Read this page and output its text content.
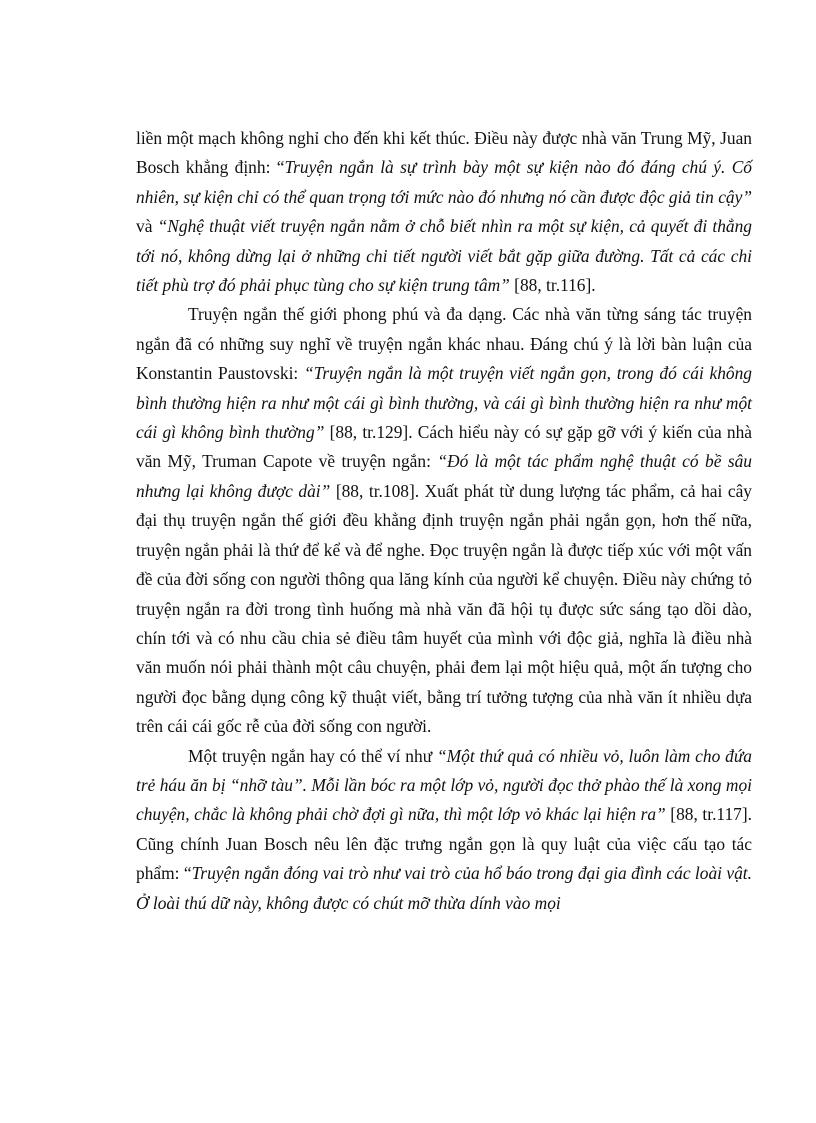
liền một mạch không nghỉ cho đến khi kết thúc. Điều này được nhà văn Trung Mỹ, Juan Bosch khẳng định: “Truyện ngắn là sự trình bày một sự kiện nào đó đáng chú ý. Cố nhiên, sự kiện chỉ có thể quan trọng tới mức nào đó nhưng nó cần được độc giả tin cậy” và “Nghệ thuật viết truyện ngắn nằm ở chỗ biết nhìn ra một sự kiện, cả quyết đi thẳng tới nó, không dừng lại ở những chi tiết người viết bắt gặp giữa đường. Tất cả các chi tiết phù trợ đó phải phục tùng cho sự kiện trung tâm” [88, tr.116].

Truyện ngắn thế giới phong phú và đa dạng. Các nhà văn từng sáng tác truyện ngắn đã có những suy nghĩ về truyện ngắn khác nhau. Đáng chú ý là lời bàn luận của Konstantin Paustovski: “Truyện ngắn là một truyện viết ngắn gọn, trong đó cái không bình thường hiện ra như một cái gì bình thường, và cái gì bình thường hiện ra như một cái gì không bình thường” [88, tr.129]. Cách hiểu này có sự gặp gỡ với ý kiến của nhà văn Mỹ, Truman Capote về truyện ngắn: “Đó là một tác phẩm nghệ thuật có bề sâu nhưng lại không được dài” [88, tr.108]. Xuất phát từ dung lượng tác phẩm, cả hai cây đại thụ truyện ngắn thế giới đều khẳng định truyện ngắn phải ngắn gọn, hơn thế nữa, truyện ngắn phải là thứ để kể và để nghe. Đọc truyện ngắn là được tiếp xúc với một vấn đề của đời sống con người thông qua lăng kính của người kể chuyện. Điều này chứng tỏ truyện ngắn ra đời trong tình huống mà nhà văn đã hội tụ được sức sáng tạo dồi dào, chín tới và có nhu cầu chia sẻ điều tâm huyết của mình với độc giả, nghĩa là điều nhà văn muốn nói phải thành một câu chuyện, phải đem lại một hiệu quả, một ấn tượng cho người đọc bằng dụng công kỹ thuật viết, bằng trí tưởng tượng của nhà văn ít nhiều dựa trên cái cái gốc rễ của đời sống con người.

Một truyện ngắn hay có thể ví như “Một thứ quả có nhiều vỏ, luôn làm cho đứa trẻ háu ăn bị “nhỡ tàu”. Mỗi lần bóc ra một lớp vỏ, người đọc thở phào thế là xong mọi chuyện, chắc là không phải chờ đợi gì nữa, thì một lớp vỏ khác lại hiện ra” [88, tr.117]. Cũng chính Juan Bosch nêu lên đặc trưng ngắn gọn là quy luật của việc cấu tạo tác phẩm: “Truyện ngắn đóng vai trò như vai trò của hổ báo trong đại gia đình các loài vật. Ở loài thú dữ này, không được có chút mỡ thừa dính vào mọi
